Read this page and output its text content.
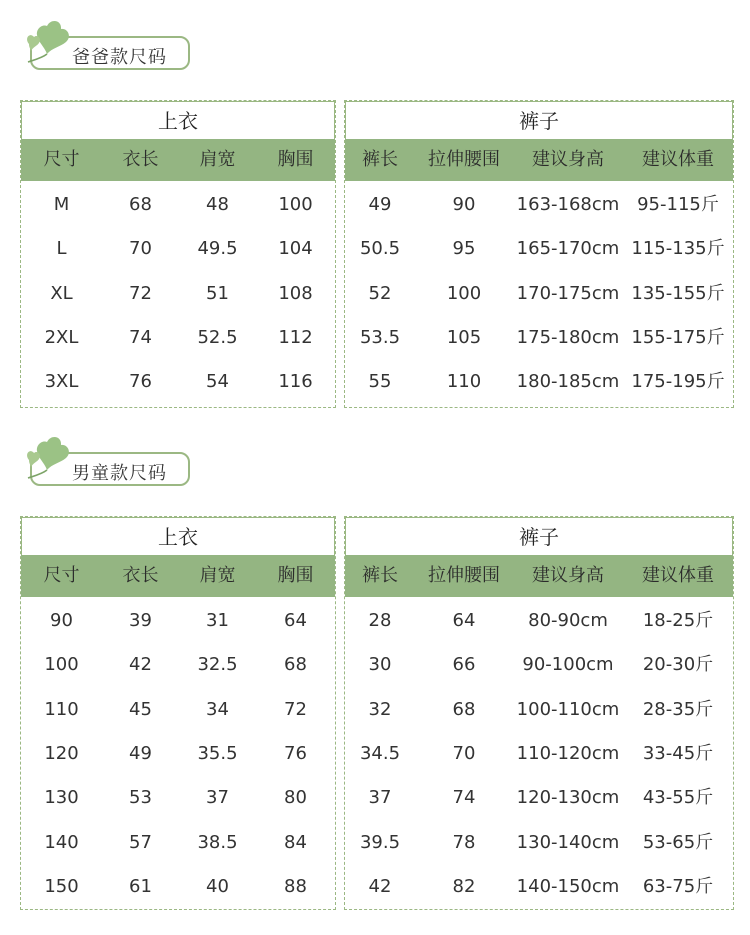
爸爸款尺码
上衣
尺寸	衣长	肩宽	胸围
M	68	48	100
L	70	49.5	104
XL	72	51	108
2XL	74	52.5	112
3XL	76	54	116
裤子
裤长	拉伸腰围	建议身高	建议体重
49	90	163-168cm 95-115斤
50.5	95	165-170cm 115-135斤
52	100	170-175cm 135-155斤
53.5	105	175-180cm 155-175斤
55	110	180-185cm 175-195斤
男童款尺码
上衣
尺寸	衣长	肩宽	胸围
90	39	31	64
100	42	32.5	68
110	45	34	72
120	49	35.5	76
130	53	37	80
140	57	38.5	84
150	61	40	88
裤子
裤长	拉伸腰围	建议身高	建议体重
28	64	80-90cm	18-25斤
30	66	90-100cm	20-30斤
32	68	100-110cm	28-35斤
34.5	70	110-120cm	33-45斤
37	74	120-130cm	43-55斤
39.5	78	130-140cm	53-65斤
42	82	140-150cm	63-75斤
